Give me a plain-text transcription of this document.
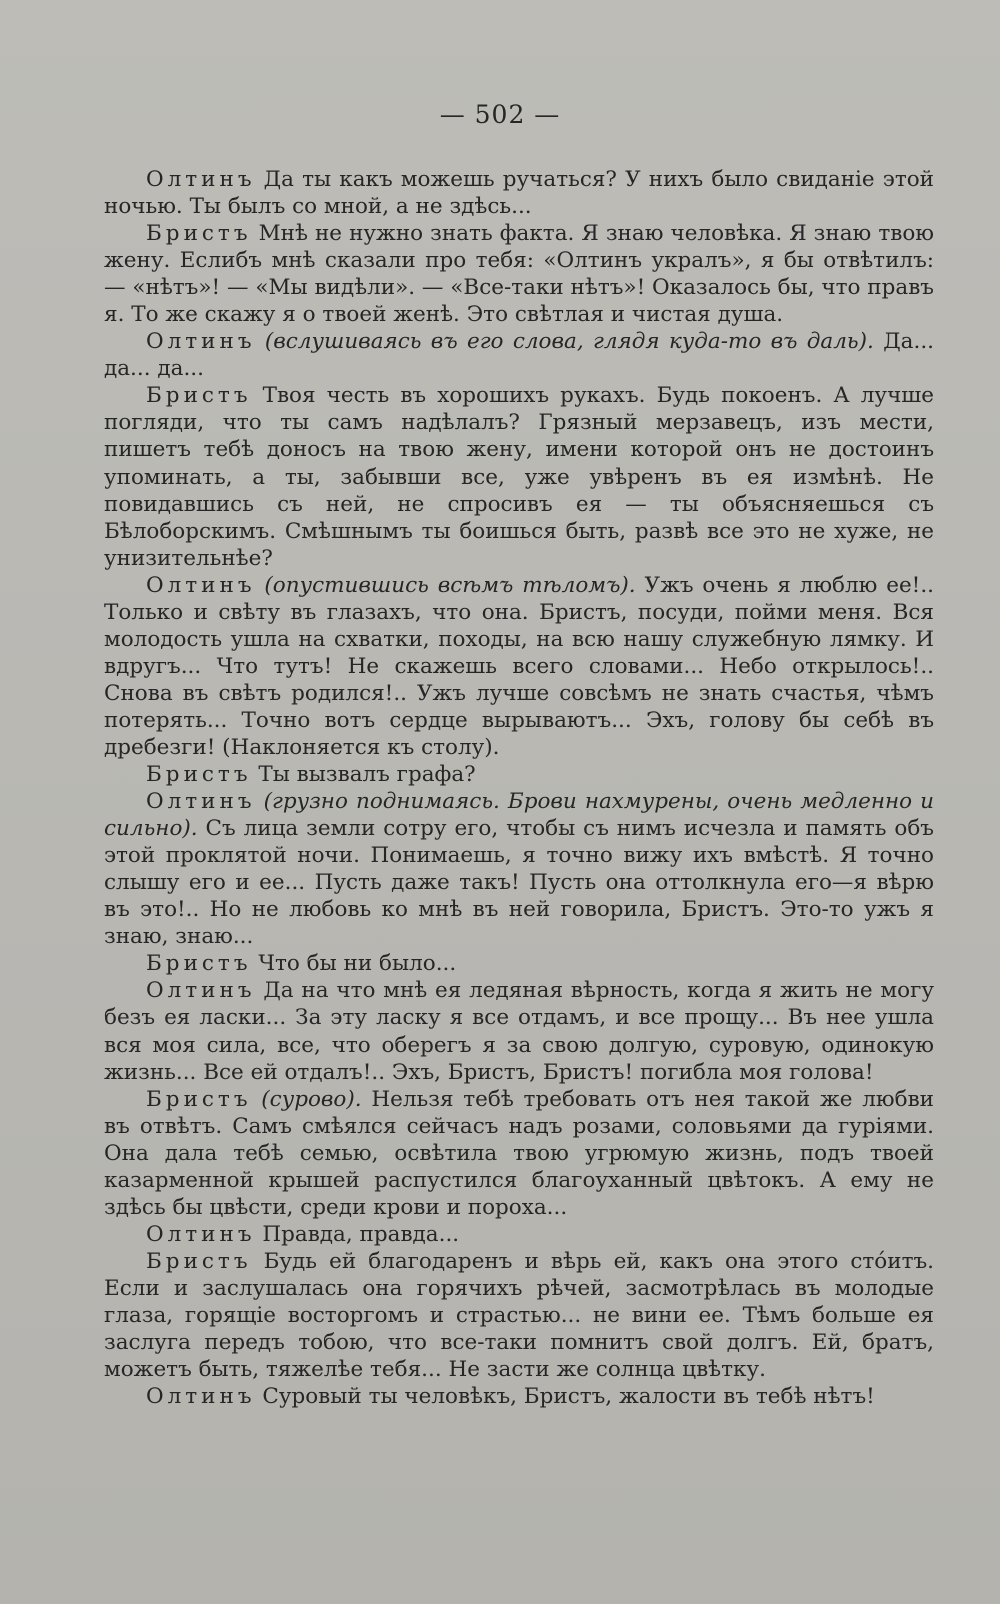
— 502 —

Олтинъ Да ты какъ можешь ручаться? У нихъ было свиданіе этой ночью. Ты былъ со мной, а не здѣсь...

Бристъ Мнѣ не нужно знать факта. Я знаю человѣка. Я знаю твою жену. Еслибъ мнѣ сказали про тебя: «Олтинъ укралъ», я бы отвѣтилъ: — «нѣтъ»! — «Мы видѣли». — «Все-таки нѣтъ»! Оказалось бы, что правъ я. То же скажу я о твоей женѣ. Это свѣтлая и чистая душа.

Олтинъ (вслушиваясь въ его слова, глядя куда-то въ даль). Да... да... да...

Бристъ Твоя честь въ хорошихъ рукахъ. Будь покоенъ. А лучше погляди, что ты самъ надѣлалъ? Грязный мерзавецъ, изъ мести, пишетъ тебѣ доносъ на твою жену, имени которой онъ не достоинъ упоминать, а ты, забывши все, уже увѣренъ въ ея измѣнѣ. Не повидавшись съ ней, не спросивъ ея — ты объясняешься съ Бѣлоборскимъ. Смѣшнымъ ты боишься быть, развѣ все это не хуже, не унизительнѣе?

Олтинъ (опустившись всѣмъ тѣломъ). Ужъ очень я люблю ее!.. Только и свѣту въ глазахъ, что она. Бристъ, посуди, пойми меня. Вся молодость ушла на схватки, походы, на всю нашу служебную лямку. И вдругъ... Что тутъ! Не скажешь всего словами... Небо открылось!.. Снова въ свѣтъ родился!.. Ужъ лучше совсѣмъ не знать счастья, чѣмъ потерять... Точно вотъ сердце вырываютъ... Эхъ, голову бы себѣ въ дребезги! (Наклоняется къ столу).

Бристъ Ты вызвалъ графа?

Олтинъ (грузно поднимаясь. Брови нахмурены, очень медленно и сильно). Съ лица земли сотру его, чтобы съ нимъ исчезла и память объ этой проклятой ночи. Понимаешь, я точно вижу ихъ вмѣстѣ. Я точно слышу его и ее... Пусть даже такъ! Пусть она оттолкнула его—я вѣрю въ это!.. Но не любовь ко мнѣ въ ней говорила, Бристъ. Это-то ужъ я знаю, знаю...

Бристъ Что бы ни было...

Олтинъ Да на что мнѣ ея ледяная вѣрность, когда я жить не могу безъ ея ласки... За эту ласку я все отдамъ, и все прощу... Въ нее ушла вся моя сила, все, что оберегъ я за свою долгую, суровую, одинокую жизнь... Все ей отдалъ!.. Эхъ, Бристъ, Бристъ! погибла моя голова!

Бристъ (сурово). Нельзя тебѣ требовать отъ нея такой же любви въ отвѣтъ. Самъ смѣялся сейчасъ надъ розами, соловьями да гуріями. Она дала тебѣ семью, освѣтила твою угрюмую жизнь, подъ твоей казарменной крышей распустился благоуханный цвѣтокъ. А ему не здѣсь бы цвѣсти, среди крови и пороха...

Олтинъ Правда, правда...

Бристъ Будь ей благодаренъ и вѣрь ей, какъ она этого стóитъ. Если и заслушалась она горячихъ рѣчей, засмотрѣлась въ молодые глаза, горящіе восторгомъ и страстью... не вини ее. Тѣмъ больше ея заслуга передъ тобою, что все-таки помнитъ свой долгъ. Ей, братъ, можетъ быть, тяжелѣе тебя... Не засти же солнца цвѣтку.

Олтинъ Суровый ты человѣкъ, Бристъ, жалости въ тебѣ нѣтъ!
